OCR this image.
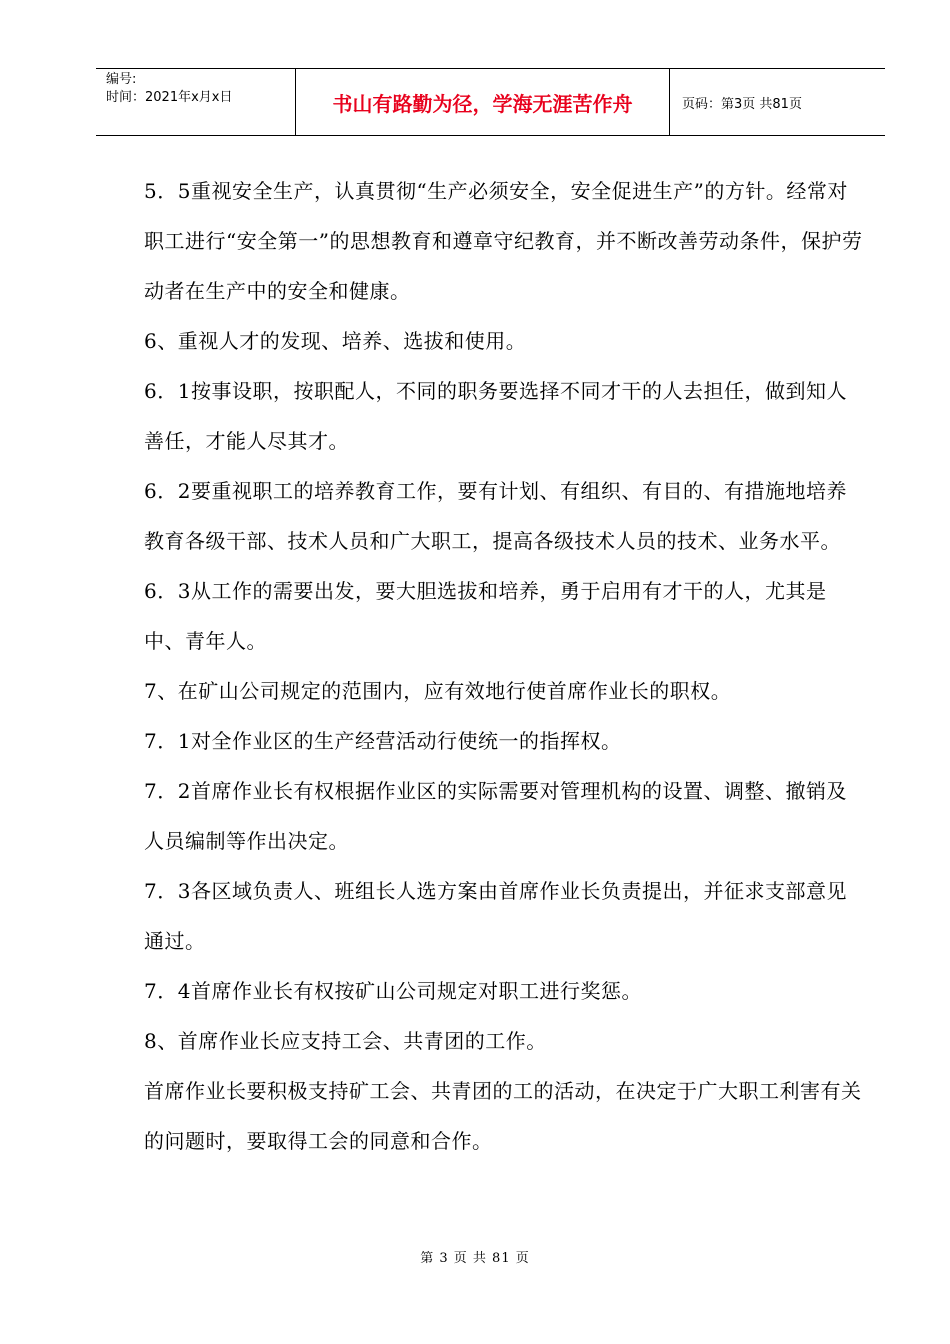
编号:
时间：2021年x月x日	书山有路勤为径，学海无涯苦作舟	页码：第3页 共81页

5．5重视安全生产，认真贯彻“生产必须安全，安全促进生产”的方针。经常对职工进行“安全第一”的思想教育和遵章守纪教育，并不断改善劳动条件，保护劳动者在生产中的安全和健康。

6、重视人才的发现、培养、选拔和使用。

6．1按事设职，按职配人，不同的职务要选择不同才干的人去担任，做到知人善任，才能人尽其才。

6．2要重视职工的培养教育工作，要有计划、有组织、有目的、有措施地培养教育各级干部、技术人员和广大职工，提高各级技术人员的技术、业务水平。

6．3从工作的需要出发，要大胆选拔和培养，勇于启用有才干的人，尤其是中、青年人。

7、在矿山公司规定的范围内，应有效地行使首席作业长的职权。

7．1对全作业区的生产经营活动行使统一的指挥权。

7．2首席作业长有权根据作业区的实际需要对管理机构的设置、调整、撤销及人员编制等作出决定。

7．3各区域负责人、班组长人选方案由首席作业长负责提出，并征求支部意见通过。

7．4首席作业长有权按矿山公司规定对职工进行奖惩。

8、首席作业长应支持工会、共青团的工作。

首席作业长要积极支持矿工会、共青团的工的活动，在决定于广大职工利害有关的问题时，要取得工会的同意和合作。

第 3 页 共 81 页
